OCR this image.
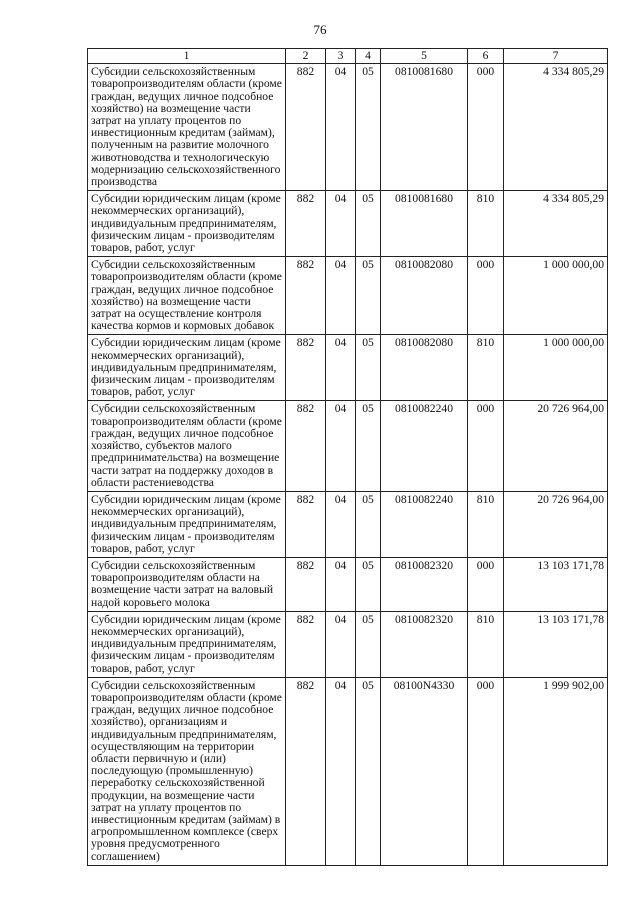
76
1	2	3	4	5	6	7
Субсидии сельскохозяйственным товаропроизводителям области (кроме граждан, ведущих личное подсобное хозяйство) на возмещение части затрат на уплату процентов по инвестиционным кредитам (займам), полученным на развитие молочного животноводства и технологическую модернизацию сельскохозяйственного производства	882	04	05	0810081680	000	4 334 805,29
Субсидии юридическим лицам (кроме некоммерческих организаций), индивидуальным предпринимателям, физическим лицам - производителям товаров, работ, услуг	882	04	05	0810081680	810	4 334 805,29
Субсидии сельскохозяйственным товаропроизводителям области (кроме граждан, ведущих личное подсобное хозяйство) на возмещение части затрат на осуществление контроля качества кормов и кормовых добавок	882	04	05	0810082080	000	1 000 000,00
Субсидии юридическим лицам (кроме некоммерческих организаций), индивидуальным предпринимателям, физическим лицам - производителям товаров, работ, услуг	882	04	05	0810082080	810	1 000 000,00
Субсидии сельскохозяйственным товаропроизводителям области (кроме граждан, ведущих личное подсобное хозяйство, субъектов малого предпринимательства) на возмещение части затрат на поддержку доходов в области растениеводства	882	04	05	0810082240	000	20 726 964,00
Субсидии юридическим лицам (кроме некоммерческих организаций), индивидуальным предпринимателям, физическим лицам - производителям товаров, работ, услуг	882	04	05	0810082240	810	20 726 964,00
Субсидии сельскохозяйственным товаропроизводителям области на возмещение части затрат на валовый надой коровьего молока	882	04	05	0810082320	000	13 103 171,78
Субсидии юридическим лицам (кроме некоммерческих организаций), индивидуальным предпринимателям, физическим лицам - производителям товаров, работ, услуг	882	04	05	0810082320	810	13 103 171,78
Субсидии сельскохозяйственным товаропроизводителям области (кроме граждан, ведущих личное подсобное хозяйство), организациям и индивидуальным предпринимателям, осуществляющим на территории области первичную и (или) последующую (промышленную) переработку сельскохозяйственной продукции, на возмещение части затрат на уплату процентов по инвестиционным кредитам (займам) в агропромышленном комплексе (сверх уровня предусмотренного соглашением)	882	04	05	08100N4330	000	1 999 902,00
